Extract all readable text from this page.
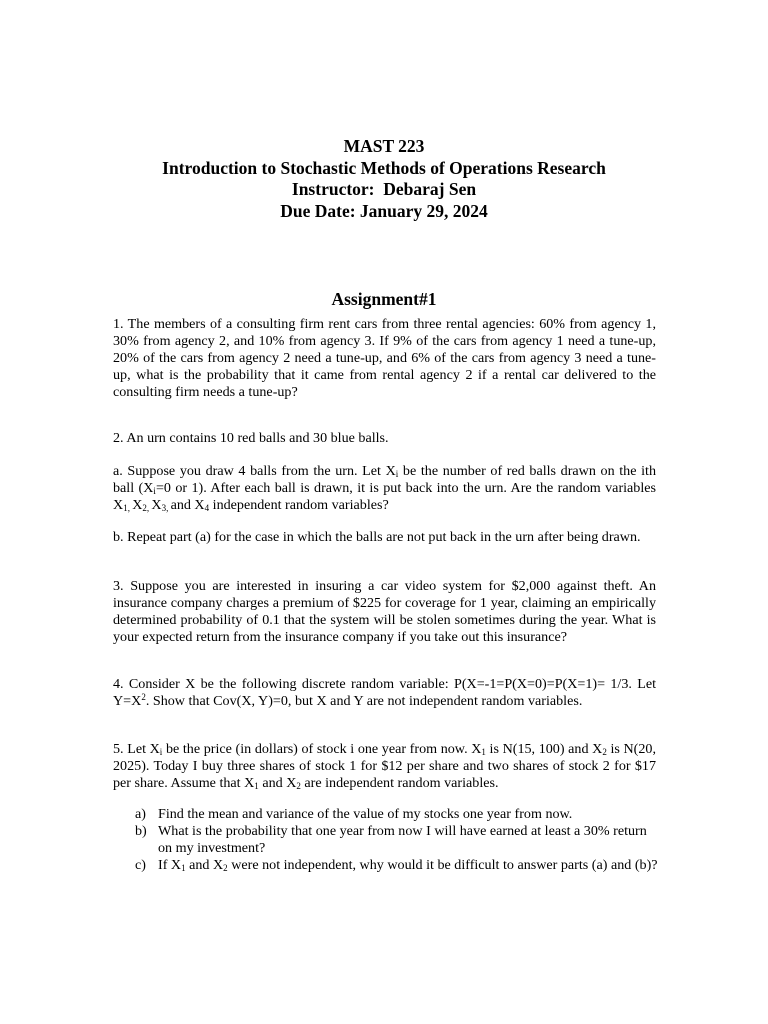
MAST 223
Introduction to Stochastic Methods of Operations Research
Instructor:  Debaraj Sen
Due Date: January 29, 2024
Assignment#1

1. The members of a consulting firm rent cars from three rental agencies: 60% from agency 1, 30% from agency 2, and 10% from agency 3. If 9% of the cars from agency 1 need a tune-up, 20% of the cars from agency 2 need a tune-up, and 6% of the cars from agency 3 need a tune-up, what is the probability that it came from rental agency 2 if a rental car delivered to the consulting firm needs a tune-up?

2. An urn contains 10 red balls and 30 blue balls.

a. Suppose you draw 4 balls from the urn. Let $X_i$ be the number of red balls drawn on the ith ball ($X_i=0$ or 1). After each ball is drawn, it is put back into the urn. Are the random variables $X_{1,}$ $X_{2,}$ $X_{3,}$ and $X_4$ independent random variables?

b. Repeat part (a) for the case in which the balls are not put back in the urn after being drawn.

3. Suppose you are interested in insuring a car video system for $2,000 against theft. An insurance company charges a premium of $225 for coverage for 1 year, claiming an empirically determined probability of 0.1 that the system will be stolen sometimes during the year. What is your expected return from the insurance company if you take out this insurance?

4. Consider X be the following discrete random variable: P(X=-1=P(X=0)=P(X=1)= 1/3. Let $Y=X^2$. Show that Cov(X, Y)=0, but X and Y are not independent random variables.

5. Let $X_i$ be the price (in dollars) of stock i one year from now. $X_1$ is N(15, 100) and $X_2$ is N(20, 2025). Today I buy three shares of stock 1 for $12 per share and two shares of stock 2 for $17 per share. Assume that $X_1$ and $X_2$ are independent random variables.

a) Find the mean and variance of the value of my stocks one year from now.
b) What is the probability that one year from now I will have earned at least a 30% return on my investment?
c) If $X_1$ and $X_2$ were not independent, why would it be difficult to answer parts (a) and (b)?
